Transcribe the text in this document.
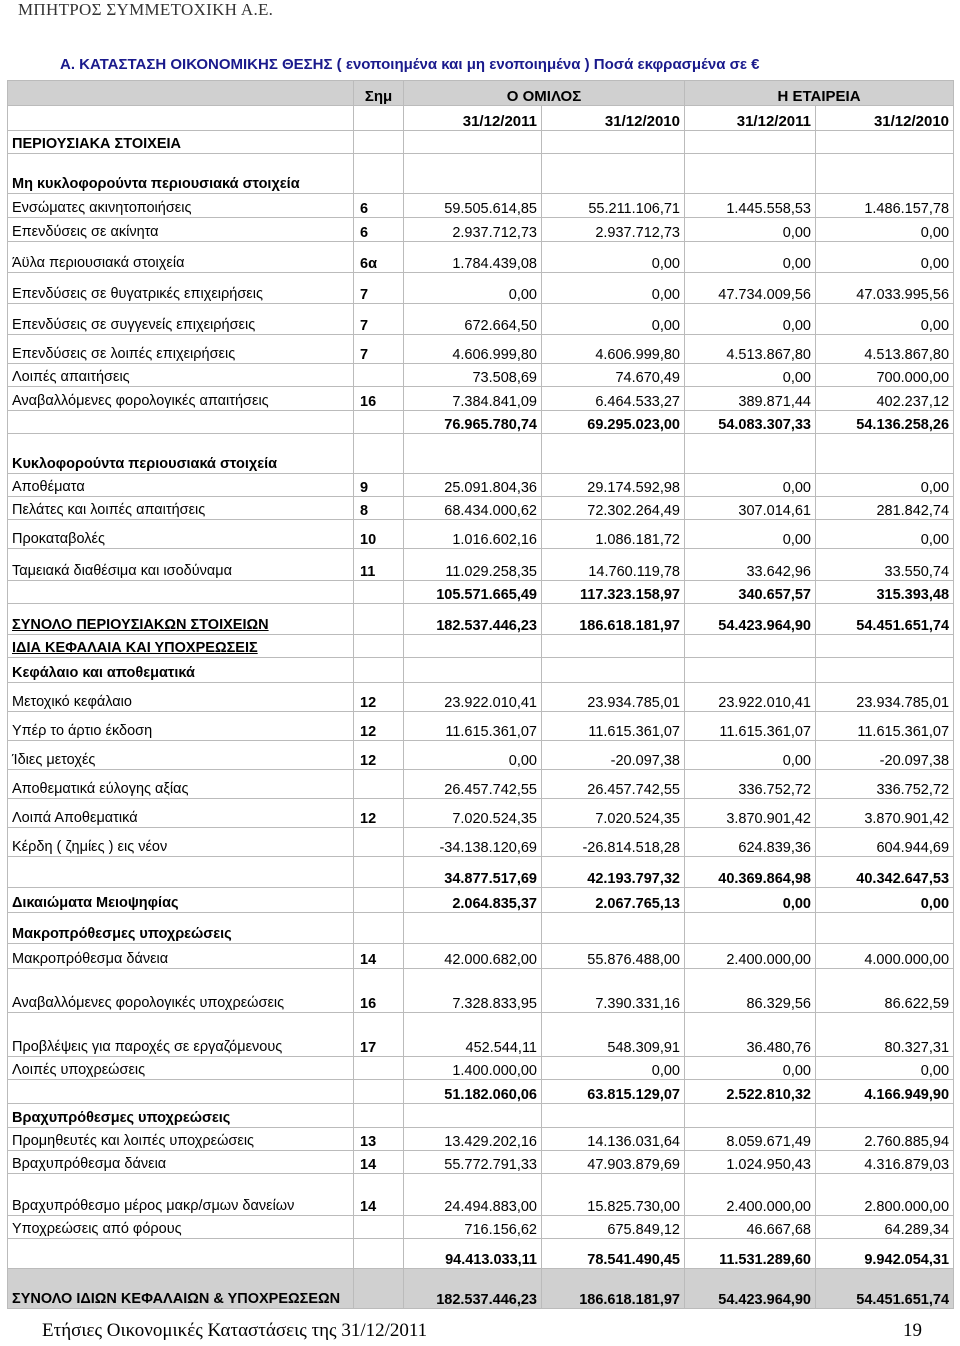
ΜΠΗΤΡΟΣ ΣΥΜΜΕΤΟΧΙΚΗ Α.Ε.
Α. ΚΑΤΑΣΤΑΣΗ ΟΙΚΟΝΟΜΙΚΗΣ ΘΕΣΗΣ ( ενοποιημένα και μη ενοποιημένα ) Ποσά εκφρασμένα σε €
	Σημ	Ο ΟΜΙΛΟΣ		Η ΕΤΑΙΡΕΙΑ	
		31/12/2011	31/12/2010	31/12/2011	31/12/2010
ΠΕΡΙΟΥΣΙΑΚΑ ΣΤΟΙΧΕΙΑ					
Μη κυκλοφορούντα περιουσιακά στοιχεία					
Ενσώματες ακινητοποιήσεις	6	59.505.614,85	55.211.106,71	1.445.558,53	1.486.157,78
Επενδύσεις σε ακίνητα	6	2.937.712,73	2.937.712,73	0,00	0,00
Άϋλα περιουσιακά στοιχεία	6α	1.784.439,08	0,00	0,00	0,00
Επενδύσεις σε θυγατρικές επιχειρήσεις	7	0,00	0,00	47.734.009,56	47.033.995,56
Επενδύσεις σε συγγενείς επιχειρήσεις	7	672.664,50	0,00	0,00	0,00
Επενδύσεις σε λοιπές επιχειρήσεις	7	4.606.999,80	4.606.999,80	4.513.867,80	4.513.867,80
Λοιπές απαιτήσεις		73.508,69	74.670,49	0,00	700.000,00
Αναβαλλόμενες φορολογικές απαιτήσεις	16	7.384.841,09	6.464.533,27	389.871,44	402.237,12
		76.965.780,74	69.295.023,00	54.083.307,33	54.136.258,26
Κυκλοφορούντα περιουσιακά στοιχεία					
Αποθέματα	9	25.091.804,36	29.174.592,98	0,00	0,00
Πελάτες και λοιπές απαιτήσεις	8	68.434.000,62	72.302.264,49	307.014,61	281.842,74
Προκαταβολές	10	1.016.602,16	1.086.181,72	0,00	0,00
Ταμειακά διαθέσιμα και ισοδύναμα	11	11.029.258,35	14.760.119,78	33.642,96	33.550,74
		105.571.665,49	117.323.158,97	340.657,57	315.393,48
ΣΥΝΟΛΟ ΠΕΡΙΟΥΣΙΑΚΩΝ ΣΤΟΙΧΕΙΩΝ		182.537.446,23	186.618.181,97	54.423.964,90	54.451.651,74
ΙΔΙΑ ΚΕΦΑΛΑΙΑ ΚΑΙ ΥΠΟΧΡΕΩΣΕΙΣ					
Κεφάλαιο και αποθεματικά					
Μετοχικό κεφάλαιο	12	23.922.010,41	23.934.785,01	23.922.010,41	23.934.785,01
Υπέρ το άρτιο έκδοση	12	11.615.361,07	11.615.361,07	11.615.361,07	11.615.361,07
Ίδιες μετοχές	12	0,00	-20.097,38	0,00	-20.097,38
Αποθεματικά εύλογης αξίας		26.457.742,55	26.457.742,55	336.752,72	336.752,72
Λοιπά Αποθεματικά	12	7.020.524,35	7.020.524,35	3.870.901,42	3.870.901,42
Κέρδη ( ζημίες ) εις νέον		-34.138.120,69	-26.814.518,28	624.839,36	604.944,69
		34.877.517,69	42.193.797,32	40.369.864,98	40.342.647,53
Δικαιώματα Μειοψηφίας		2.064.835,37	2.067.765,13	0,00	0,00
Μακροπρόθεσμες υποχρεώσεις					
Μακροπρόθεσμα δάνεια	14	42.000.682,00	55.876.488,00	2.400.000,00	4.000.000,00
Αναβαλλόμενες φορολογικές υποχρεώσεις	16	7.328.833,95	7.390.331,16	86.329,56	86.622,59
Προβλέψεις για παροχές σε εργαζόμενους	17	452.544,11	548.309,91	36.480,76	80.327,31
Λοιπές υποχρεώσεις		1.400.000,00	0,00	0,00	0,00
		51.182.060,06	63.815.129,07	2.522.810,32	4.166.949,90
Βραχυπρόθεσμες υποχρεώσεις					
Προμηθευτές και λοιπές υποχρεώσεις	13	13.429.202,16	14.136.031,64	8.059.671,49	2.760.885,94
Βραχυπρόθεσμα δάνεια	14	55.772.791,33	47.903.879,69	1.024.950,43	4.316.879,03
Βραχυπρόθεσμο μέρος μακρ/σμων δανείων	14	24.494.883,00	15.825.730,00	2.400.000,00	2.800.000,00
Υποχρεώσεις από φόρους		716.156,62	675.849,12	46.667,68	64.289,34
		94.413.033,11	78.541.490,45	11.531.289,60	9.942.054,31
ΣΥΝΟΛΟ ΙΔΙΩΝ ΚΕΦΑΛΑΙΩΝ & ΥΠΟΧΡΕΩΣΕΩΝ		182.537.446,23	186.618.181,97	54.423.964,90	54.451.651,74
Ετήσιες Οικονομικές Καταστάσεις της 31/12/2011	19
